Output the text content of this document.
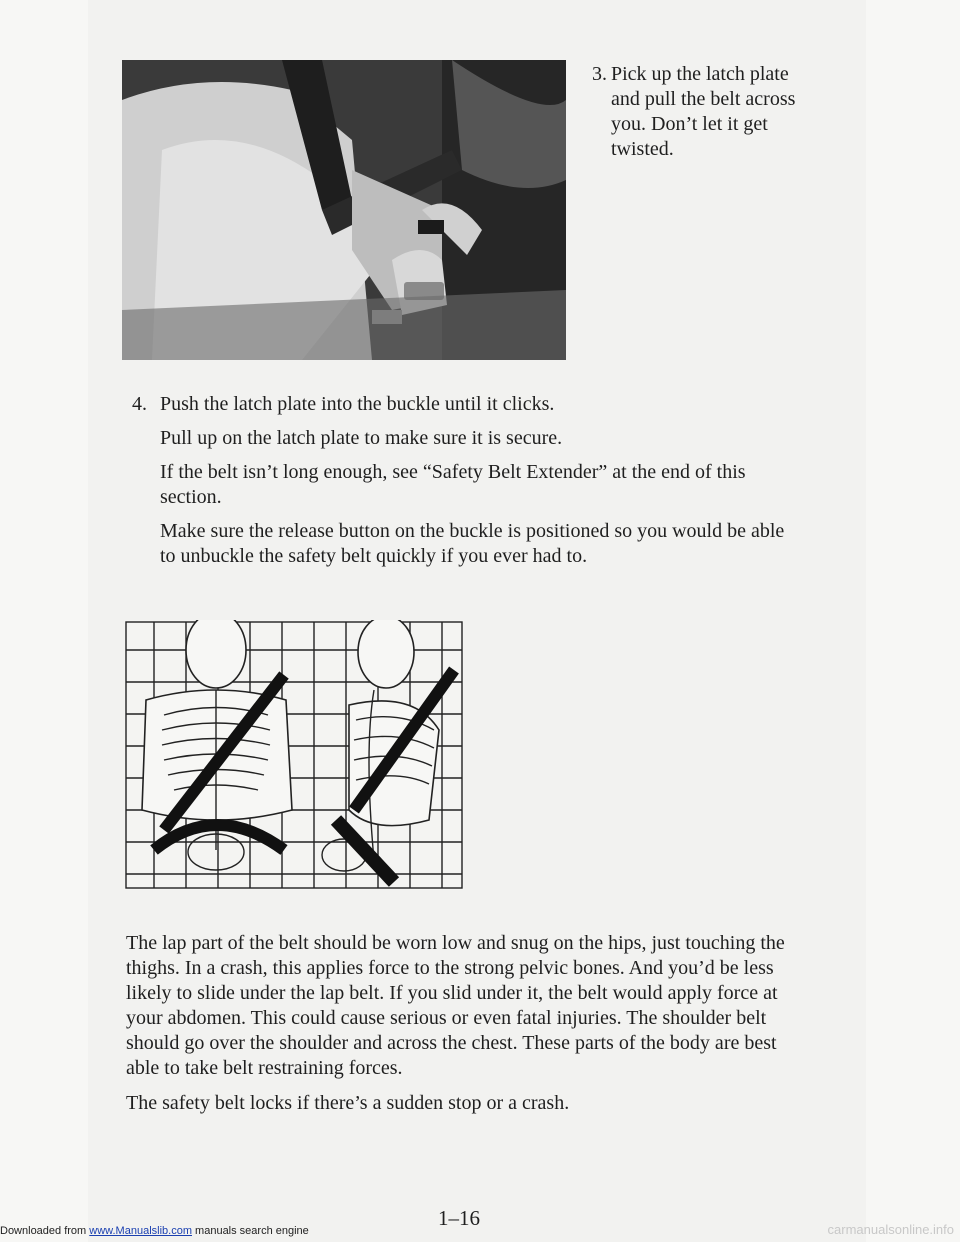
3. Pick up the latch plate and pull the belt across you. Don’t let it get twisted.
4. Push the latch plate into the buckle until it clicks.

Pull up on the latch plate to make sure it is secure.

If the belt isn’t long enough, see “Safety Belt Extender” at the end of this section.

Make sure the release button on the buckle is positioned so you would be able to unbuckle the safety belt quickly if you ever had to.

The lap part of the belt should be worn low and snug on the hips, just touching the thighs. In a crash, this applies force to the strong pelvic bones. And you’d be less likely to slide under the lap belt. If you slid under it, the belt would apply force at your abdomen. This could cause serious or even fatal injuries. The shoulder belt should go over the shoulder and across the chest. These parts of the body are best able to take belt restraining forces.

The safety belt locks if there’s a sudden stop or a crash.

1–16
Downloaded from www.Manualslib.com manuals search engine	carmanualsonline.info
